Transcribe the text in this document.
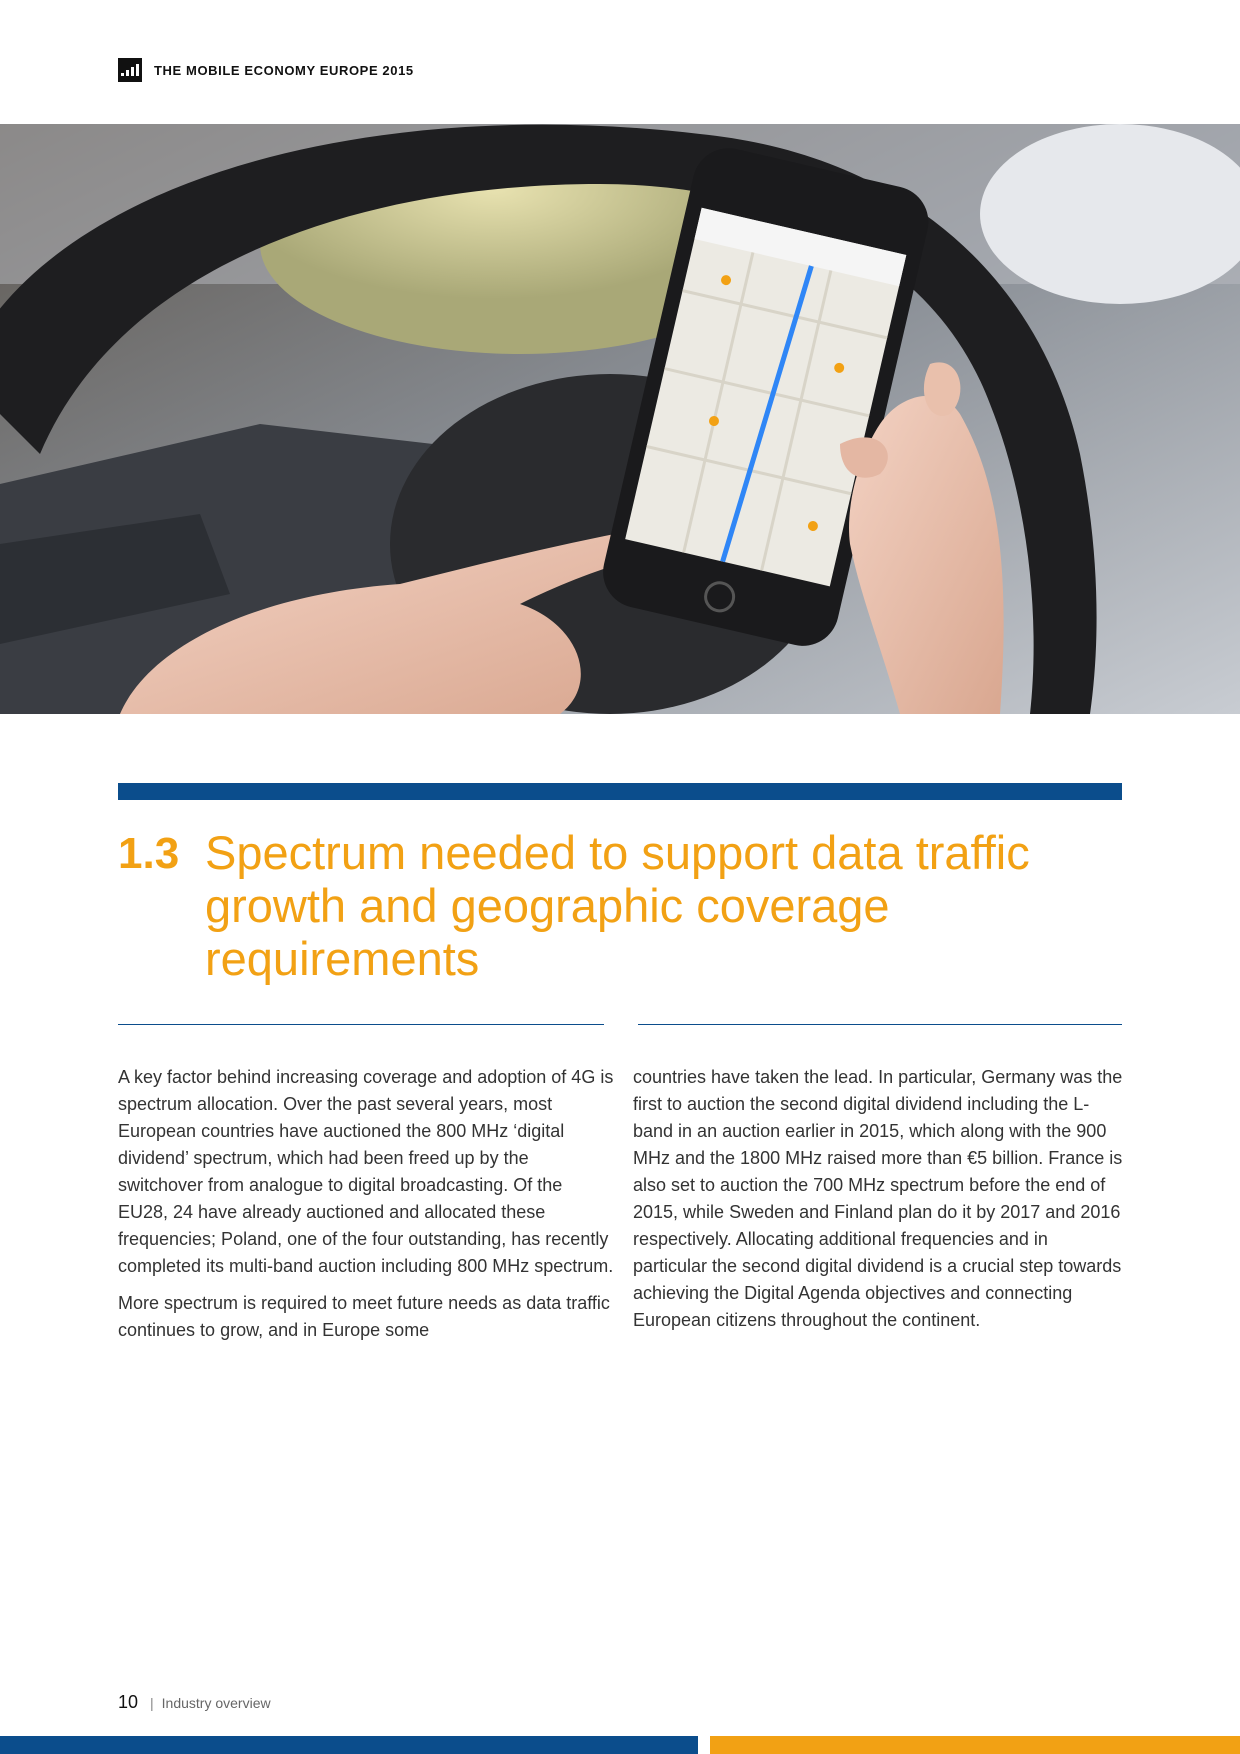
THE MOBILE ECONOMY EUROPE 2015
1.3 Spectrum needed to support data traffic growth and geographic coverage requirements

A key factor behind increasing coverage and adoption of 4G is spectrum allocation. Over the past several years, most European countries have auctioned the 800 MHz ‘digital dividend’ spectrum, which had been freed up by the switchover from analogue to digital broadcasting. Of the EU28, 24 have already auctioned and allocated these frequencies; Poland, one of the four outstanding, has recently completed its multi-band auction including 800 MHz spectrum.

More spectrum is required to meet future needs as data traffic continues to grow, and in Europe some

countries have taken the lead. In particular, Germany was the first to auction the second digital dividend including the L-band in an auction earlier in 2015, which along with the 900 MHz and the 1800 MHz raised more than €5 billion. France is also set to auction the 700 MHz spectrum before the end of 2015, while Sweden and Finland plan do it by 2017 and 2016 respectively. Allocating additional frequencies and in particular the second digital dividend is a crucial step towards achieving the Digital Agenda objectives and connecting European citizens throughout the continent.

10 | Industry overview
